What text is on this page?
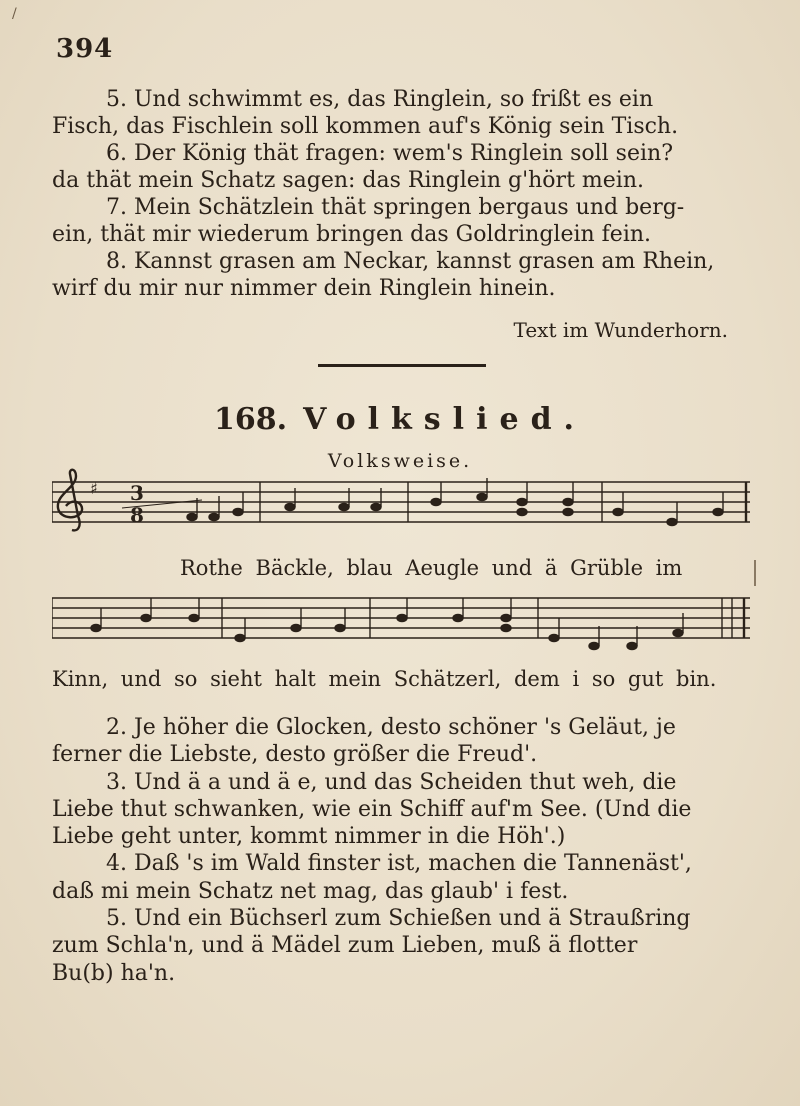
/
394
5. Und schwimmt es, das Ringlein, so frißt es ein
Fisch, das Fischlein soll kommen auf's König sein Tisch.
6. Der König thät fragen: wem's Ringlein soll sein?
da thät mein Schatz sagen: das Ringlein g'hört mein.
7. Mein Schätzlein thät springen bergaus und berg-
ein, thät mir wiederum bringen das Goldringlein fein.
8. Kannst grasen am Neckar, kannst grasen am Rhein,
wirf du mir nur nimmer dein Ringlein hinein.
Text im Wunderhorn.
168. Volkslied.
Volksweise.
♯ 3
8
Rothe Bäckle, blau Aeugle und ä Grüble im
Kinn, und so sieht halt mein Schätzerl, dem i so gut bin.
2. Je höher die Glocken, desto schöner 's Geläut, je
ferner die Liebste, desto größer die Freud'.
3. Und ä a und ä e, und das Scheiden thut weh, die
Liebe thut schwanken, wie ein Schiff auf'm See. (Und die
Liebe geht unter, kommt nimmer in die Höh'.)
4. Daß 's im Wald finster ist, machen die Tannenäst',
daß mi mein Schatz net mag, das glaub' i fest.
5. Und ein Büchserl zum Schießen und ä Straußring
zum Schla'n, und ä Mädel zum Lieben, muß ä flotter
Bu(b) ha'n.
